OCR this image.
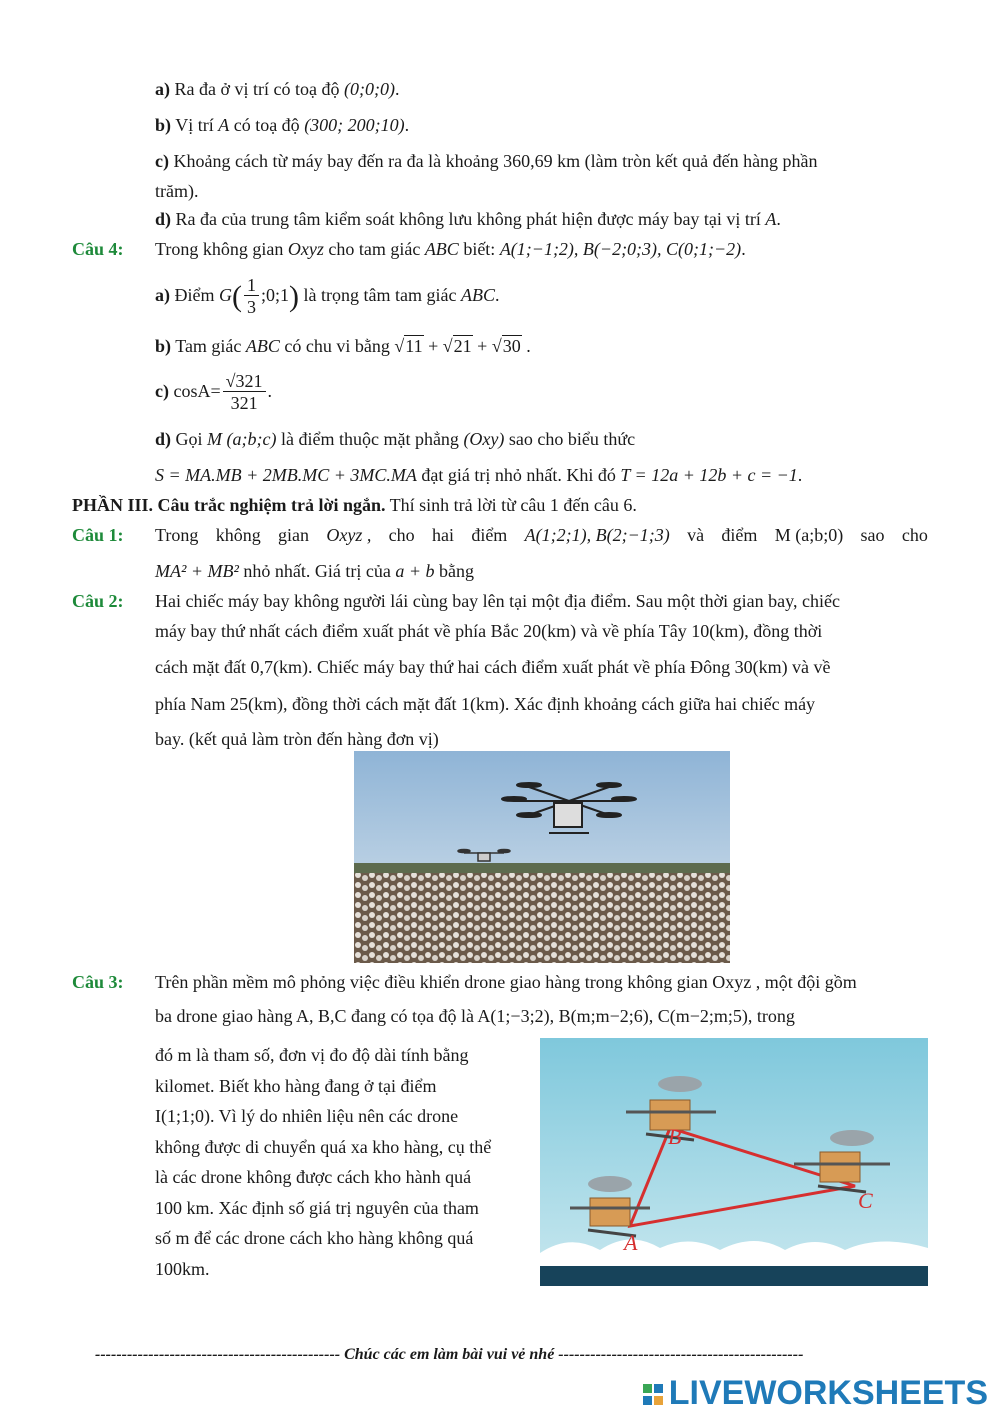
a) Ra đa ở vị trí có toạ độ (0;0;0).
b) Vị trí A có toạ độ (300; 200;10).
c) Khoảng cách từ máy bay đến ra đa là khoảng 360,69 km (làm tròn kết quả đến hàng phần
trăm).
d) Ra đa của trung tâm kiểm soát không lưu không phát hiện được máy bay tại vị trí A.
Câu 4: Trong không gian Oxyz cho tam giác ABC biết: A(1;−1;2), B(−2;0;3), C(0;1;−2).
a) Điểm $G( \frac{1}{3}$ ;0;1) là trọng tâm tam giác ABC.
b) Tam giác ABC có chu vi bằng √11 + √21 + √30 .
c) $\cos A= \frac{√321}{321}$ .
d) Gọi M (a;b;c) là điểm thuộc mặt phẳng (Oxy) sao cho biểu thức
S = MA.MB + 2MB.MC + 3MC.MA đạt giá trị nhỏ nhất. Khi đó T = 12a + 12b + c = −1.
PHẦN III. Câu trắc nghiệm trả lời ngắn. Thí sinh trả lời từ câu 1 đến câu 6.
Câu 1: Trong không gian Oxyz , cho hai điểm A(1;2;1), B(2;−1;3) và điểm M (a;b;0) sao cho
MA² + MB² nhỏ nhất. Giá trị của a + b bằng
Câu 2: Hai chiếc máy bay không người lái cùng bay lên tại một địa điểm. Sau một thời gian bay, chiếc
máy bay thứ nhất cách điểm xuất phát về phía Bắc 20(km) và về phía Tây 10(km), đồng thời
cách mặt đất 0,7(km). Chiếc máy bay thứ hai cách điểm xuất phát về phía Đông 30(km) và về
phía Nam 25(km), đồng thời cách mặt đất 1(km). Xác định khoảng cách giữa hai chiếc máy
bay. (kết quả làm tròn đến hàng đơn vị)
Câu 3: Trên phần mềm mô phỏng việc điều khiển drone giao hàng trong không gian Oxyz , một đội gồm
ba drone giao hàng A, B,C đang có tọa độ là A(1;−3;2), B(m;m−2;6), C(m−2;m;5), trong
đó m là tham số, đơn vị đo độ dài tính bằng
kilomet. Biết kho hàng đang ở tại điểm
I(1;1;0). Vì lý do nhiên liệu nên các drone
không được di chuyển quá xa kho hàng, cụ thể
là các drone không được cách kho hành quá
100 km. Xác định số giá trị nguyên của tham
số m để các drone cách kho hàng không quá
100km.
A
B
C
---------------------------------------------- Chúc các em làm bài vui vẻ nhé ----------------------------------------------
LIVEWORKSHEETS
